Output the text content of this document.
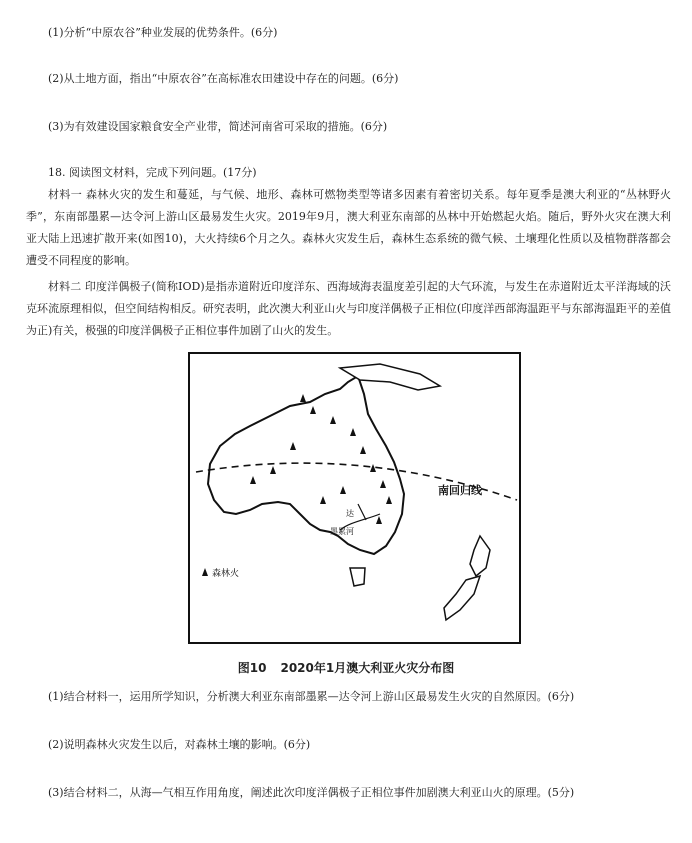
(1)分析“中原农谷”种业发展的优势条件。(6分)
(2)从土地方面，指出“中原农谷”在高标准农田建设中存在的问题。(6分)
(3)为有效建设国家粮食安全产业带，简述河南省可采取的措施。(6分)
18. 阅读图文材料，完成下列问题。(17分)
材料一 森林火灾的发生和蔓延，与气候、地形、森林可燃物类型等诸多因素有着密切关系。每年夏季是澳大利亚的“丛林野火季”，东南部墨累—达令河上游山区最易发生火灾。2019年9月，澳大利亚东南部的丛林中开始燃起火焰。随后，野外火灾在澳大利亚大陆上迅速扩散开来(如图10)，大火持续6个月之久。森林火灾发生后，森林生态系统的微气候、土壤理化性质以及植物群落都会遭受不同程度的影响。
材料二 印度洋偶极子(简称IOD)是指赤道附近印度洋东、西海域海表温度差引起的大气环流，与发生在赤道附近太平洋海域的沃克环流原理相似，但空间结构相反。研究表明，此次澳大利亚山火与印度洋偶极子正相位(印度洋西部海温距平与东部海温距平的差值为正)有关，极强的印度洋偶极子正相位事件加剧了山火的发生。
森林火
南回归线
达
墨累河
图10 2020年1月澳大利亚火灾分布图
(1)结合材料一，运用所学知识，分析澳大利亚东南部墨累—达令河上游山区最易发生火灾的自然原因。(6分)
(2)说明森林火灾发生以后，对森林土壤的影响。(6分)
(3)结合材料二，从海—气相互作用角度，阐述此次印度洋偶极子正相位事件加剧澳大利亚山火的原理。(5分)
